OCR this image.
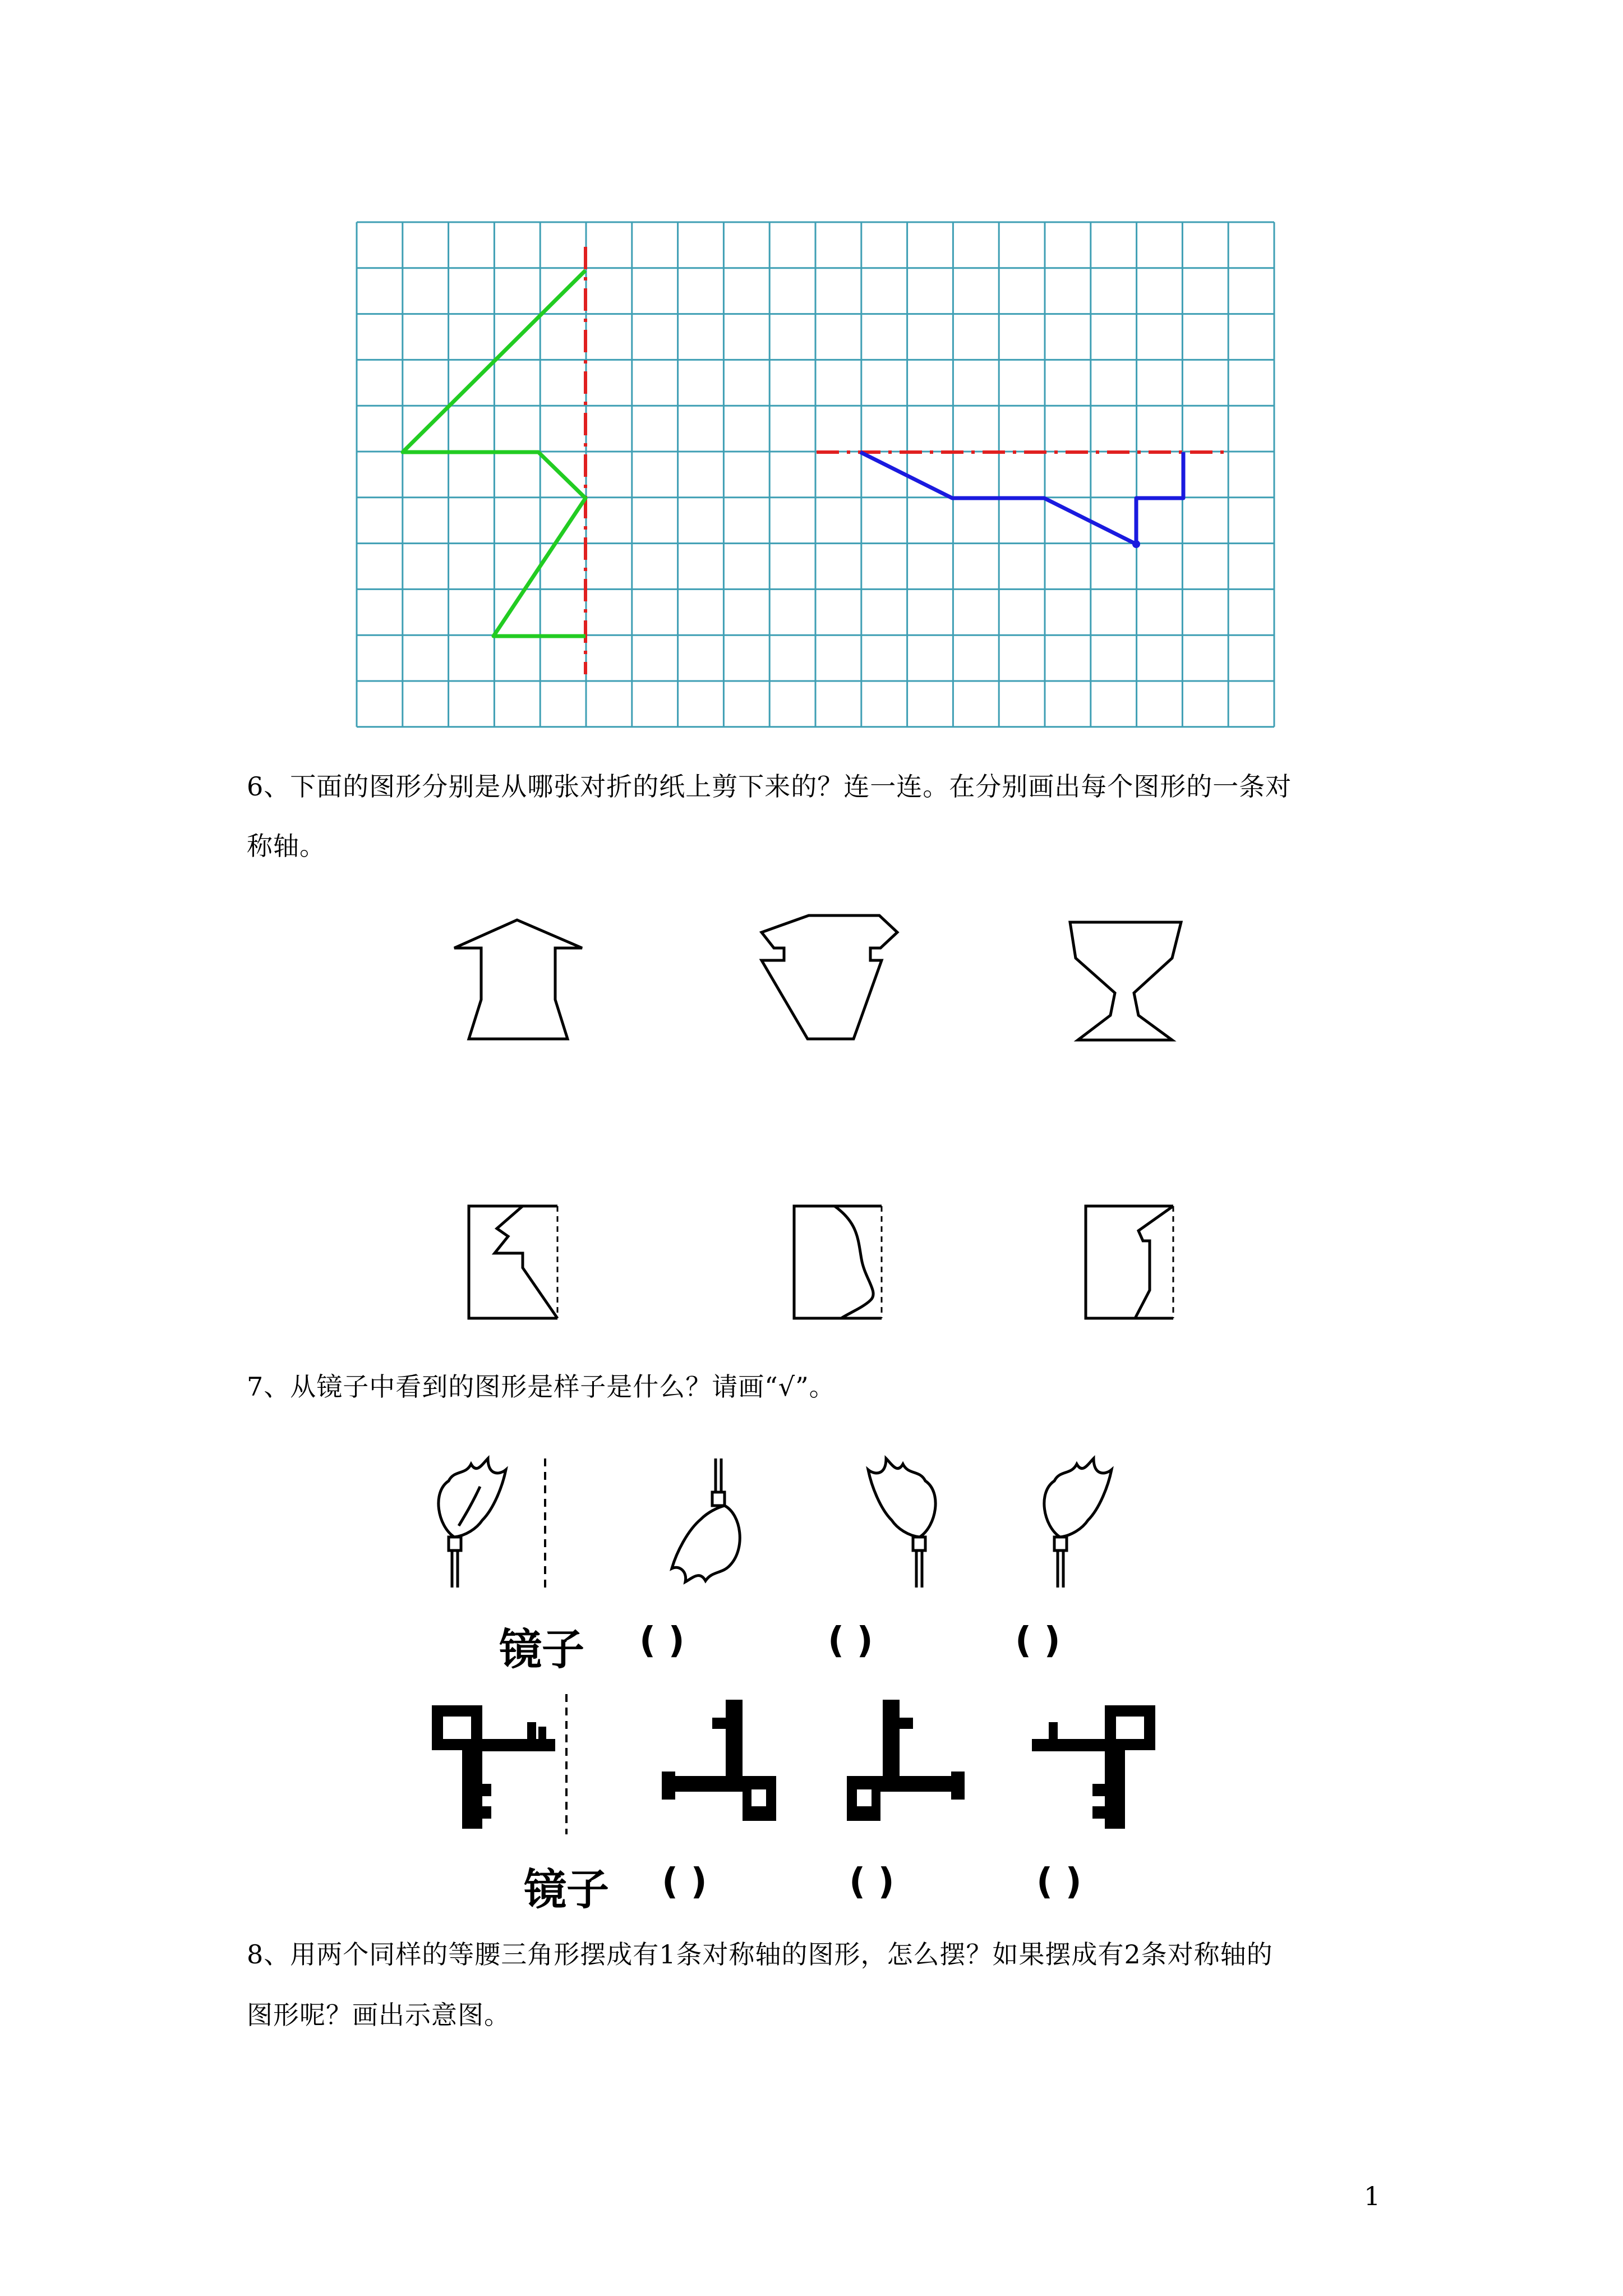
6、下面的图形分别是从哪张对折的纸上剪下来的？连一连。在分别画出每个图形的一条对
称轴。
7、从镜子中看到的图形是样子是什么？请画“√”。
镜子 ( )	( )	( )
镜子 ( )	( )	( )
8、用两个同样的等腰三角形摆成有1条对称轴的图形，怎么摆？如果摆成有2条对称轴的
图形呢？画出示意图。
1
